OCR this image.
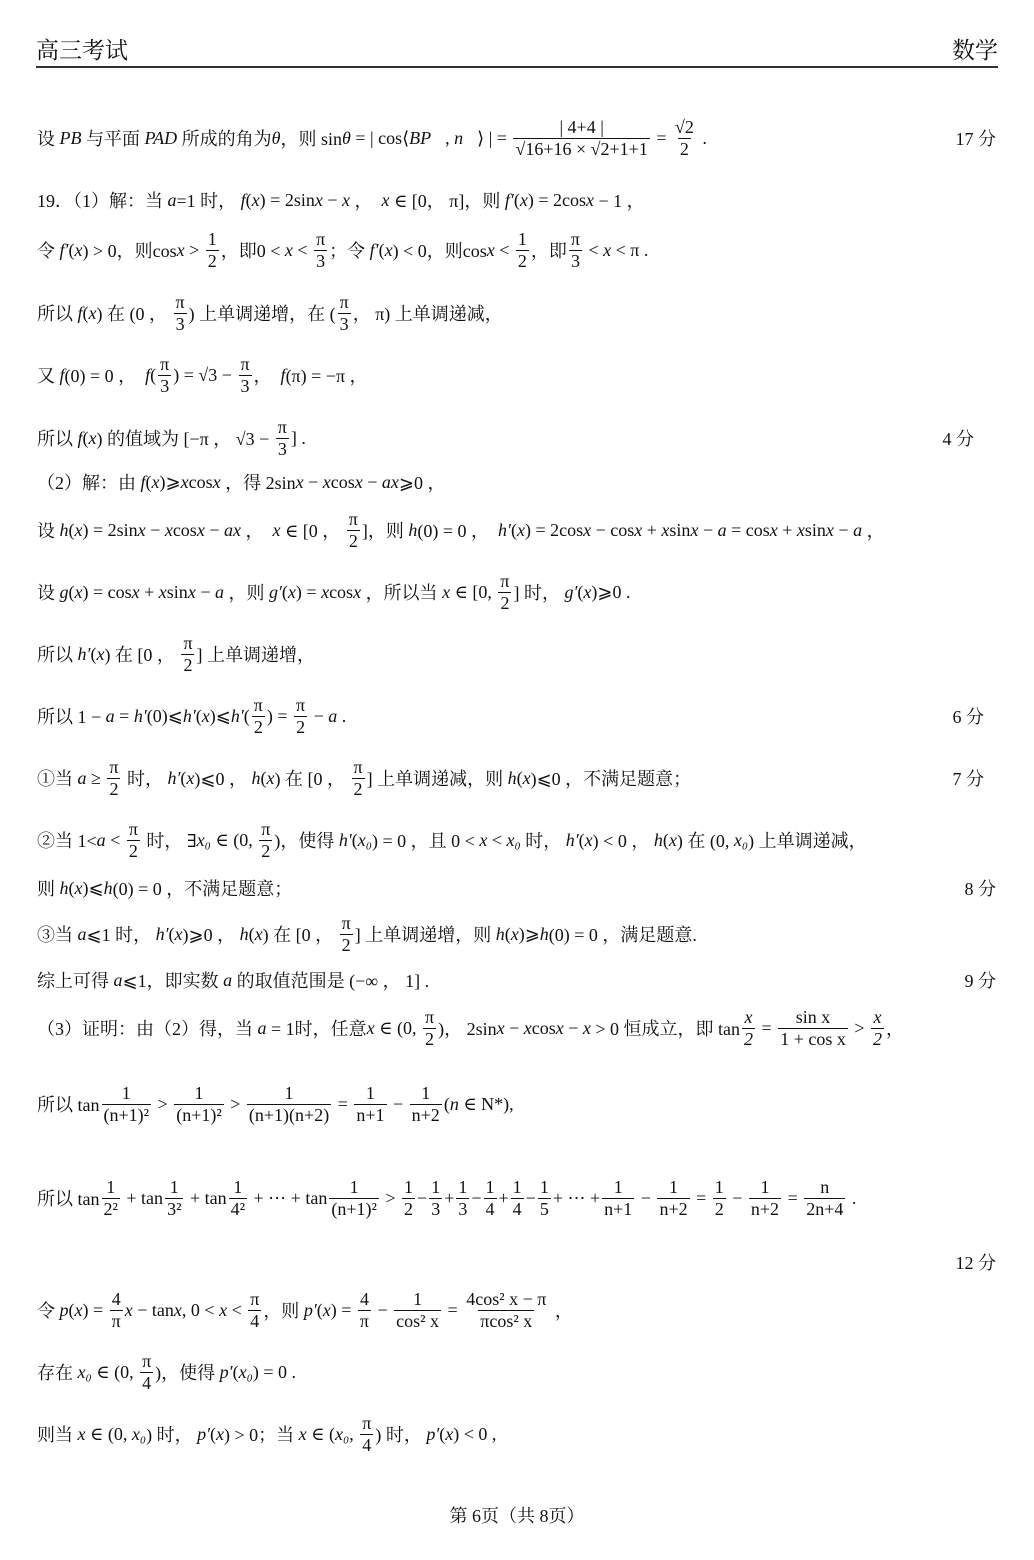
高三考试	数学
设 PB 与平面 PAD 所成的角为 θ ，则 sin θ = | cos⟨ BP⃗ , n⃗ ⟩ | = $\frac{| 4+4 |}{√16+16 \times √2+1+1} = \frac{√2}{2}$ .	17 分
19．（1）解：当 a =1 时， f ( x ) = 2sin x − x ， x ∈ [0， π]，则 f′ ( x ) = 2cos x − 1 ，
令 f′ ( x ) > 0，则$\cos x > \frac{1}{2}$ ，即$0 < x < \frac{\pi}{3}$ ；令 f′ ( x ) < 0，则$\cos x < \frac{1}{2}$ ，即 $\frac{\pi}{3} < x < \pi$ .
所以 f ( x ) 在 (0 ， $\frac{\pi}{3}$ ) 上单调递增，在 ( $\frac{\pi}{3}$ ， π) 上单调递减，
又 f (0) = 0 ， f ( $\frac{\pi}{3}$ ) = $√3 - \frac{\pi}{3}$ ， f (π) = −π ，
所以 f ( x ) 的值域为 [−π ， $√3 - \frac{\pi}{3}$ ] .	4 分
（2）解：由 f ( x )⩾ x cos x ，得 2sin x − x cos x − ax ⩾0 ，
设 h ( x ) = 2sin x − x cos x − ax ， x ∈ [0 ， $\frac{\pi}{2}$ ]，则 h (0) = 0 ， h′ ( x ) = 2cos x − cos x + x sin x − a = cos x + x sin x − a ，
设 g ( x ) = cos x + x sin x − a ，则 g′ ( x ) = x cos x ，所以当 x ∈ [0, $\frac{\pi}{2}$ ] 时， g′ ( x )⩾0 .
所以 h′ ( x ) 在 [0 ， $\frac{\pi}{2}$ ] 上单调递增，
所以 1 − a = h′ (0)⩽ h′ ( x )⩽ h′ ( $\frac{\pi}{2}$ ) = $\frac{\pi}{2} - a$ .	6 分
①当 $a \ge \frac{\pi}{2}$ 时， h′ ( x )⩽0 ， h ( x ) 在 [0 ， $\frac{\pi}{2}$ ] 上单调递减，则 h ( x )⩽0 ，不满足题意；	7 分
②当 $1< a < \frac{\pi}{2}$ 时， ∃ x₀ ∈ (0, $\frac{\pi}{2}$ )，使得 h′ ( x₀ ) = 0 ，且 0 < x < x₀ 时， h′ ( x ) < 0 ， h ( x ) 在 (0, x₀ ) 上单调递减，
则 h ( x )⩽ h (0) = 0 ，不满足题意；	8 分
③当 a ⩽1 时， h′ ( x )⩾0 ， h ( x ) 在 [0 ， $\frac{\pi}{2}$ ] 上单调递增，则 h ( x )⩾ h (0) = 0 ，满足题意.
综上可得 a ⩽1，即实数 a 的取值范围是 (−∞ ， 1] .	9 分
（3）证明：由（2）得，当 a = 1时，任意 x ∈ (0, $\frac{\pi}{2}$ )， 2sin x − x cos x − x > 0 恒成立，即 $\tan \frac{x}{2} = \frac{\text{sin x}}{\text{1 + cos x}} > \frac{x}{2}$ ，
所以 $\tan \frac{1}{\text{(n+1)²}} > \frac{1}{\text{(n+1)²}} > \frac{1}{(n+1)(n+2)} = \frac{1}{n+1} - \frac{1}{n+2}$ ( n ∈ N*),
所以 $\tan \frac{1}{\text{2²}} + \tan \frac{1}{\text{3²}} + \tan \frac{1}{\text{4²}}$ + ⋯ + $\tan \frac{1}{\text{(n+1)²}} > \frac{1}{2} - \frac{1}{3} + \frac{1}{3} - \frac{1}{4} + \frac{1}{4} - \frac{1}{5}$ + ⋯ + $\frac{1}{n+1} - \frac{1}{n+2} = \frac{1}{2} - \frac{1}{n+2} = \frac{n}{2n+4}$ .
12 分
令 p ( x ) = $\frac{4}{\pi}$ x − tan x , $0 < x < \frac{\pi}{4}$ ，则 p′ ( x ) = $\frac{4}{\pi} - \frac{1}{\text{cos² x}} = \frac{\text{4cos² x − π}}{\text{πcos² x}}$ ，
存在 x₀ ∈ (0, $\frac{\pi}{4}$ )，使得 p′ ( x₀ ) = 0 .
则当 x ∈ (0, x₀ ) 时， p′ ( x ) > 0；当 x ∈ ( x₀ , $\frac{\pi}{4}$ ) 时， p′ ( x ) < 0 ,
第 6页（共 8页）
